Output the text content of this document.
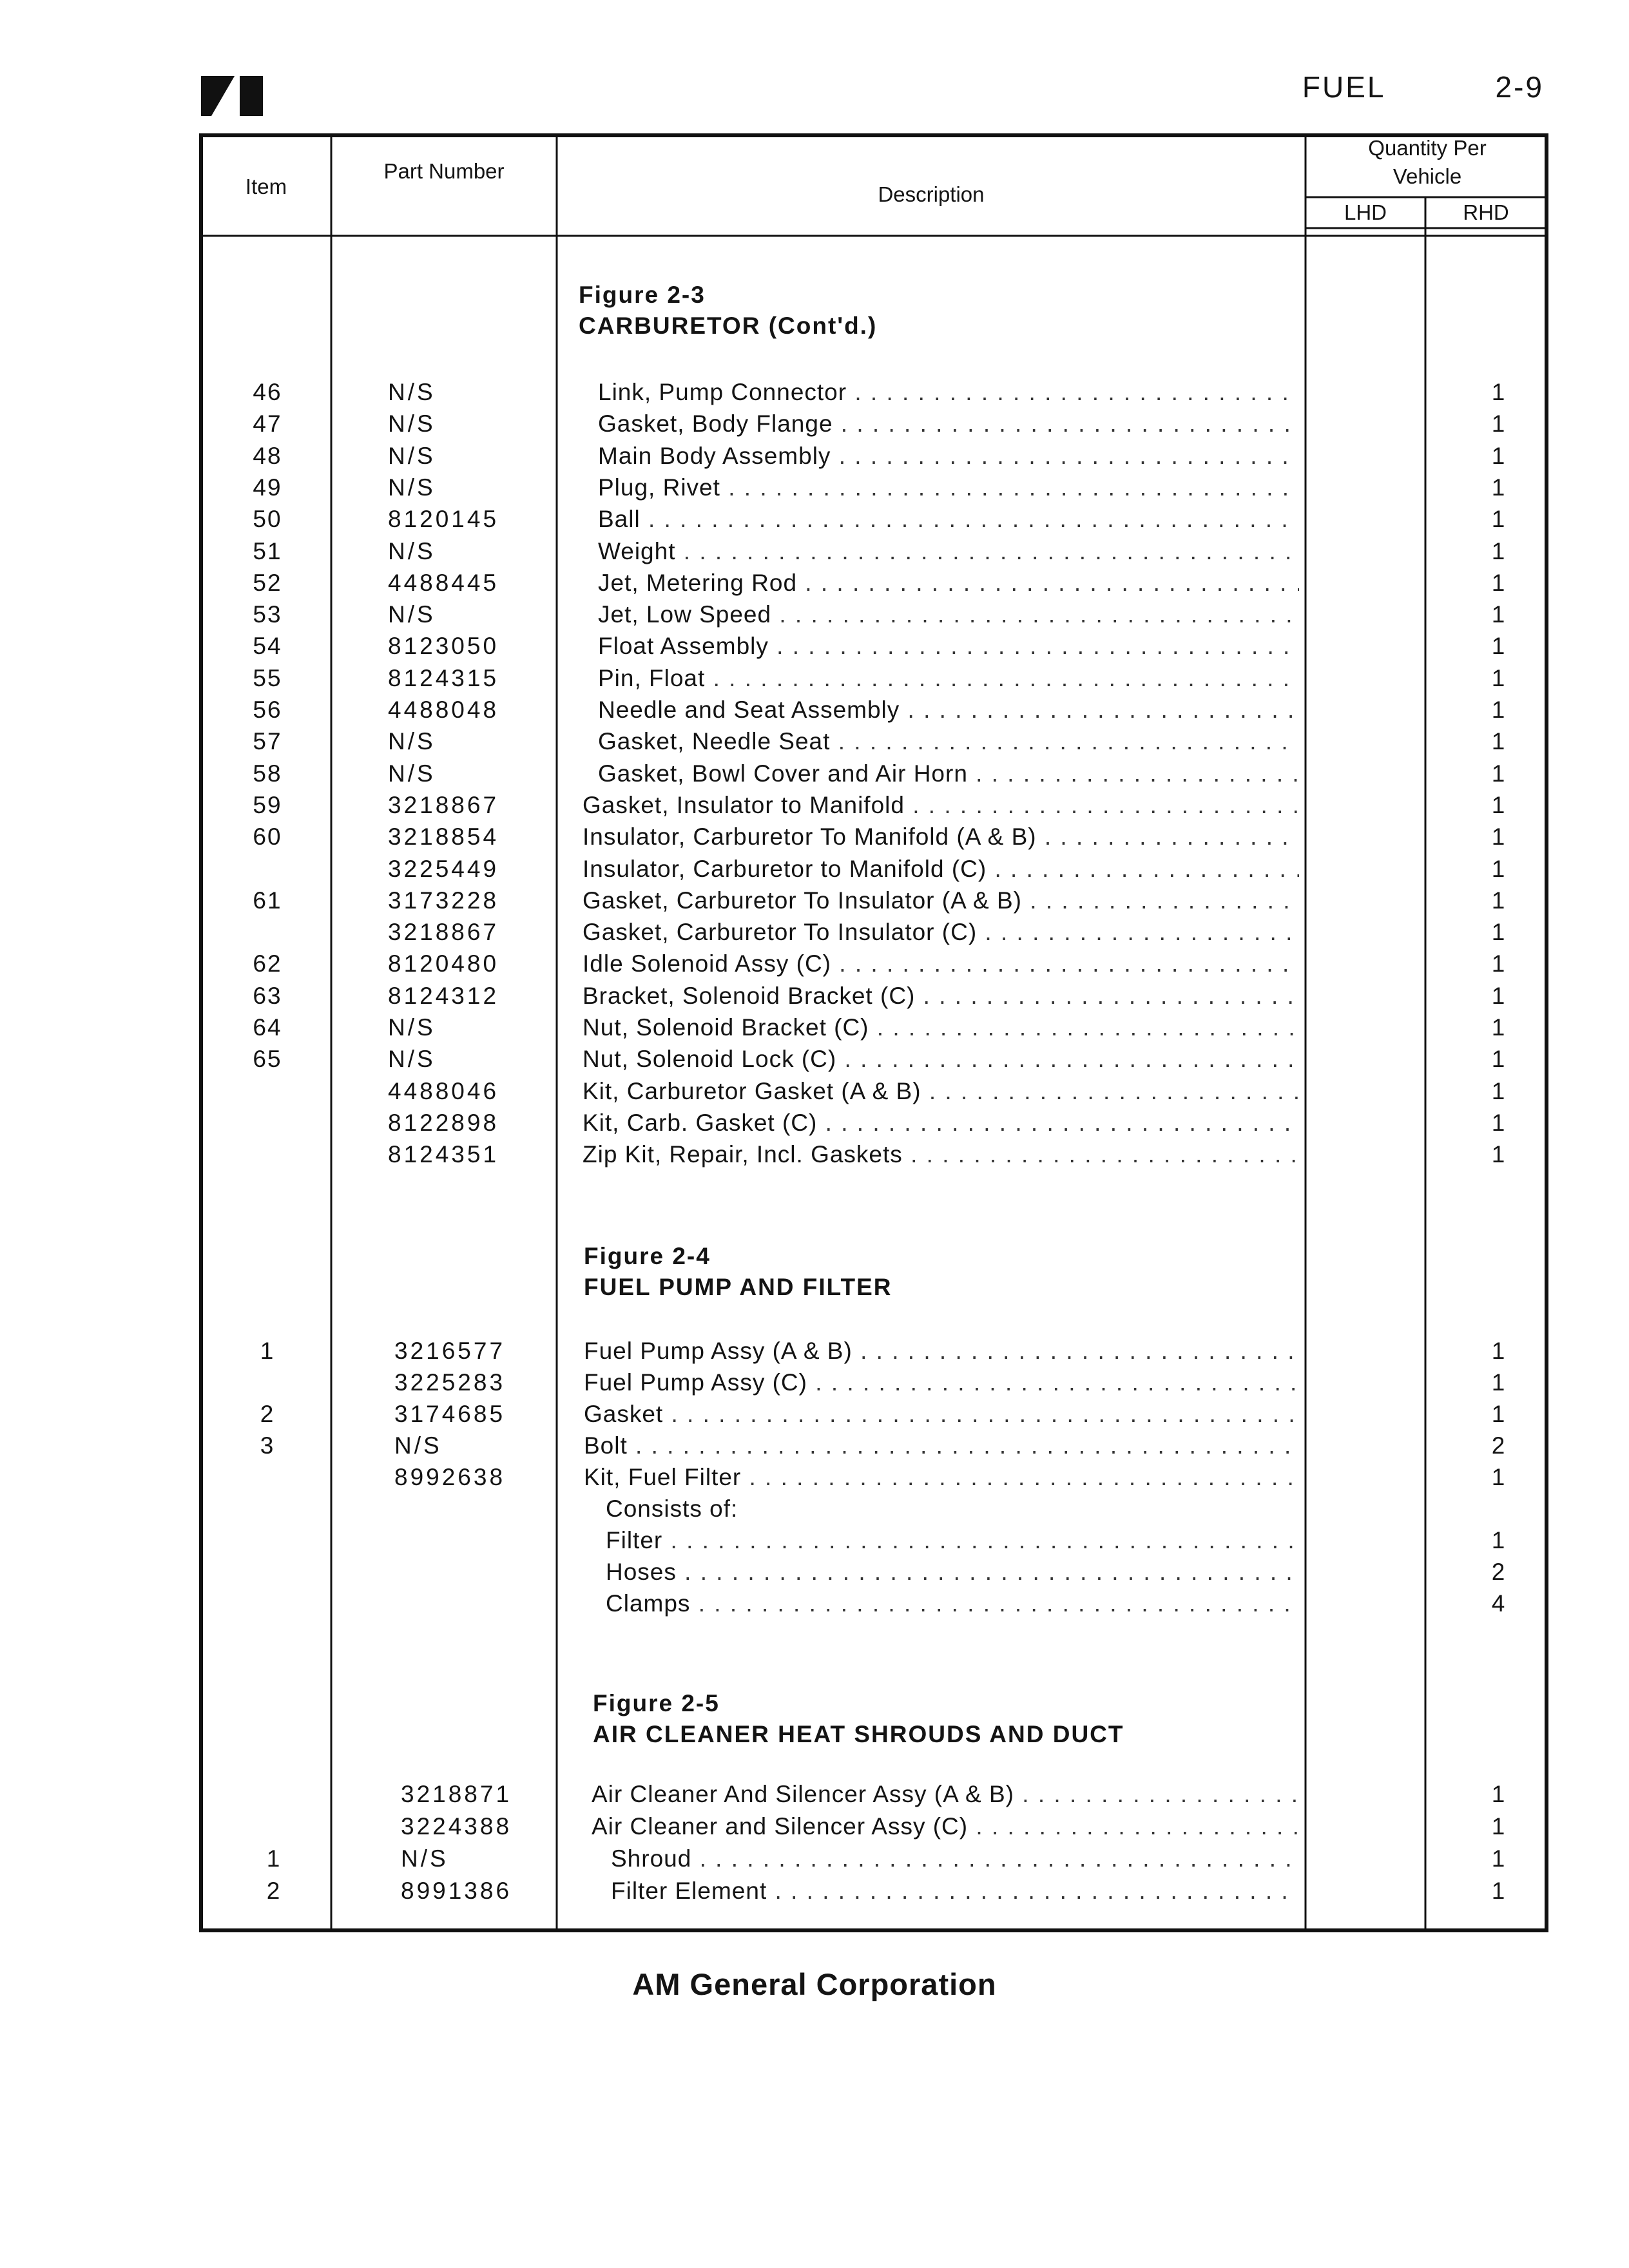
FUEL	2-9
Item
Part Number
Description
Quantity Per Vehicle
LHD	RHD
Figure 2-3
CARBURETOR (Cont'd.)
Figure 2-4
FUEL PUMP AND FILTER
Figure 2-5
AIR CLEANER HEAT SHROUDS AND DUCT
46	N/S	Link, Pump Connector . . .	1
47	N/S	Gasket, Body Flange . . .	1
48	N/S	Main Body Assembly . . .	1
49	N/S	Plug, Rivet . . .	1
50	8120145	Ball . . .	1
51	N/S	Weight . . .	1
52	4488445	Jet, Metering Rod . . .	1
53	N/S	Jet, Low Speed . . .	1
54	8123050	Float Assembly . . .	1
55	8124315	Pin, Float . . .	1
56	4488048	Needle and Seat Assembly . . .	1
57	N/S	Gasket, Needle Seat . . .	1
58	N/S	Gasket, Bowl Cover and Air Horn . . .	1
59	3218867	Gasket, Insulator to Manifold . . .	1
60	3218854	Insulator, Carburetor To Manifold (A & B) . . .	1
3225449	Insulator, Carburetor to Manifold (C) . . .	1
61	3173228	Gasket, Carburetor To Insulator (A & B) . . .	1
3218867	Gasket, Carburetor To Insulator (C) . . .	1
62	8120480	Idle Solenoid Assy (C) . . .	1
63	8124312	Bracket, Solenoid Bracket (C) . . .	1
64	N/S	Nut, Solenoid Bracket (C) . . .	1
65	N/S	Nut, Solenoid Lock (C) . . .	1
4488046	Kit, Carburetor Gasket (A & B) . . .	1
8122898	Kit, Carb. Gasket (C) . . .	1
8124351	Zip Kit, Repair, Incl. Gaskets . . .	1
1	3216577	Fuel Pump Assy (A & B) . . .	1
3225283	Fuel Pump Assy (C) . . .	1
2	3174685	Gasket . . .	1
3	N/S	Bolt . . .	2
8992638	Kit, Fuel Filter . . .	1
Consists of:
Filter . . .	1
Hoses . . .	2
Clamps . . .	4
3218871	Air Cleaner And Silencer Assy (A & B) . . .	1
3224388	Air Cleaner and Silencer Assy (C) . . .	1
1	N/S	Shroud . . .	1
2	8991386	Filter Element . . .	1
AM General Corporation
